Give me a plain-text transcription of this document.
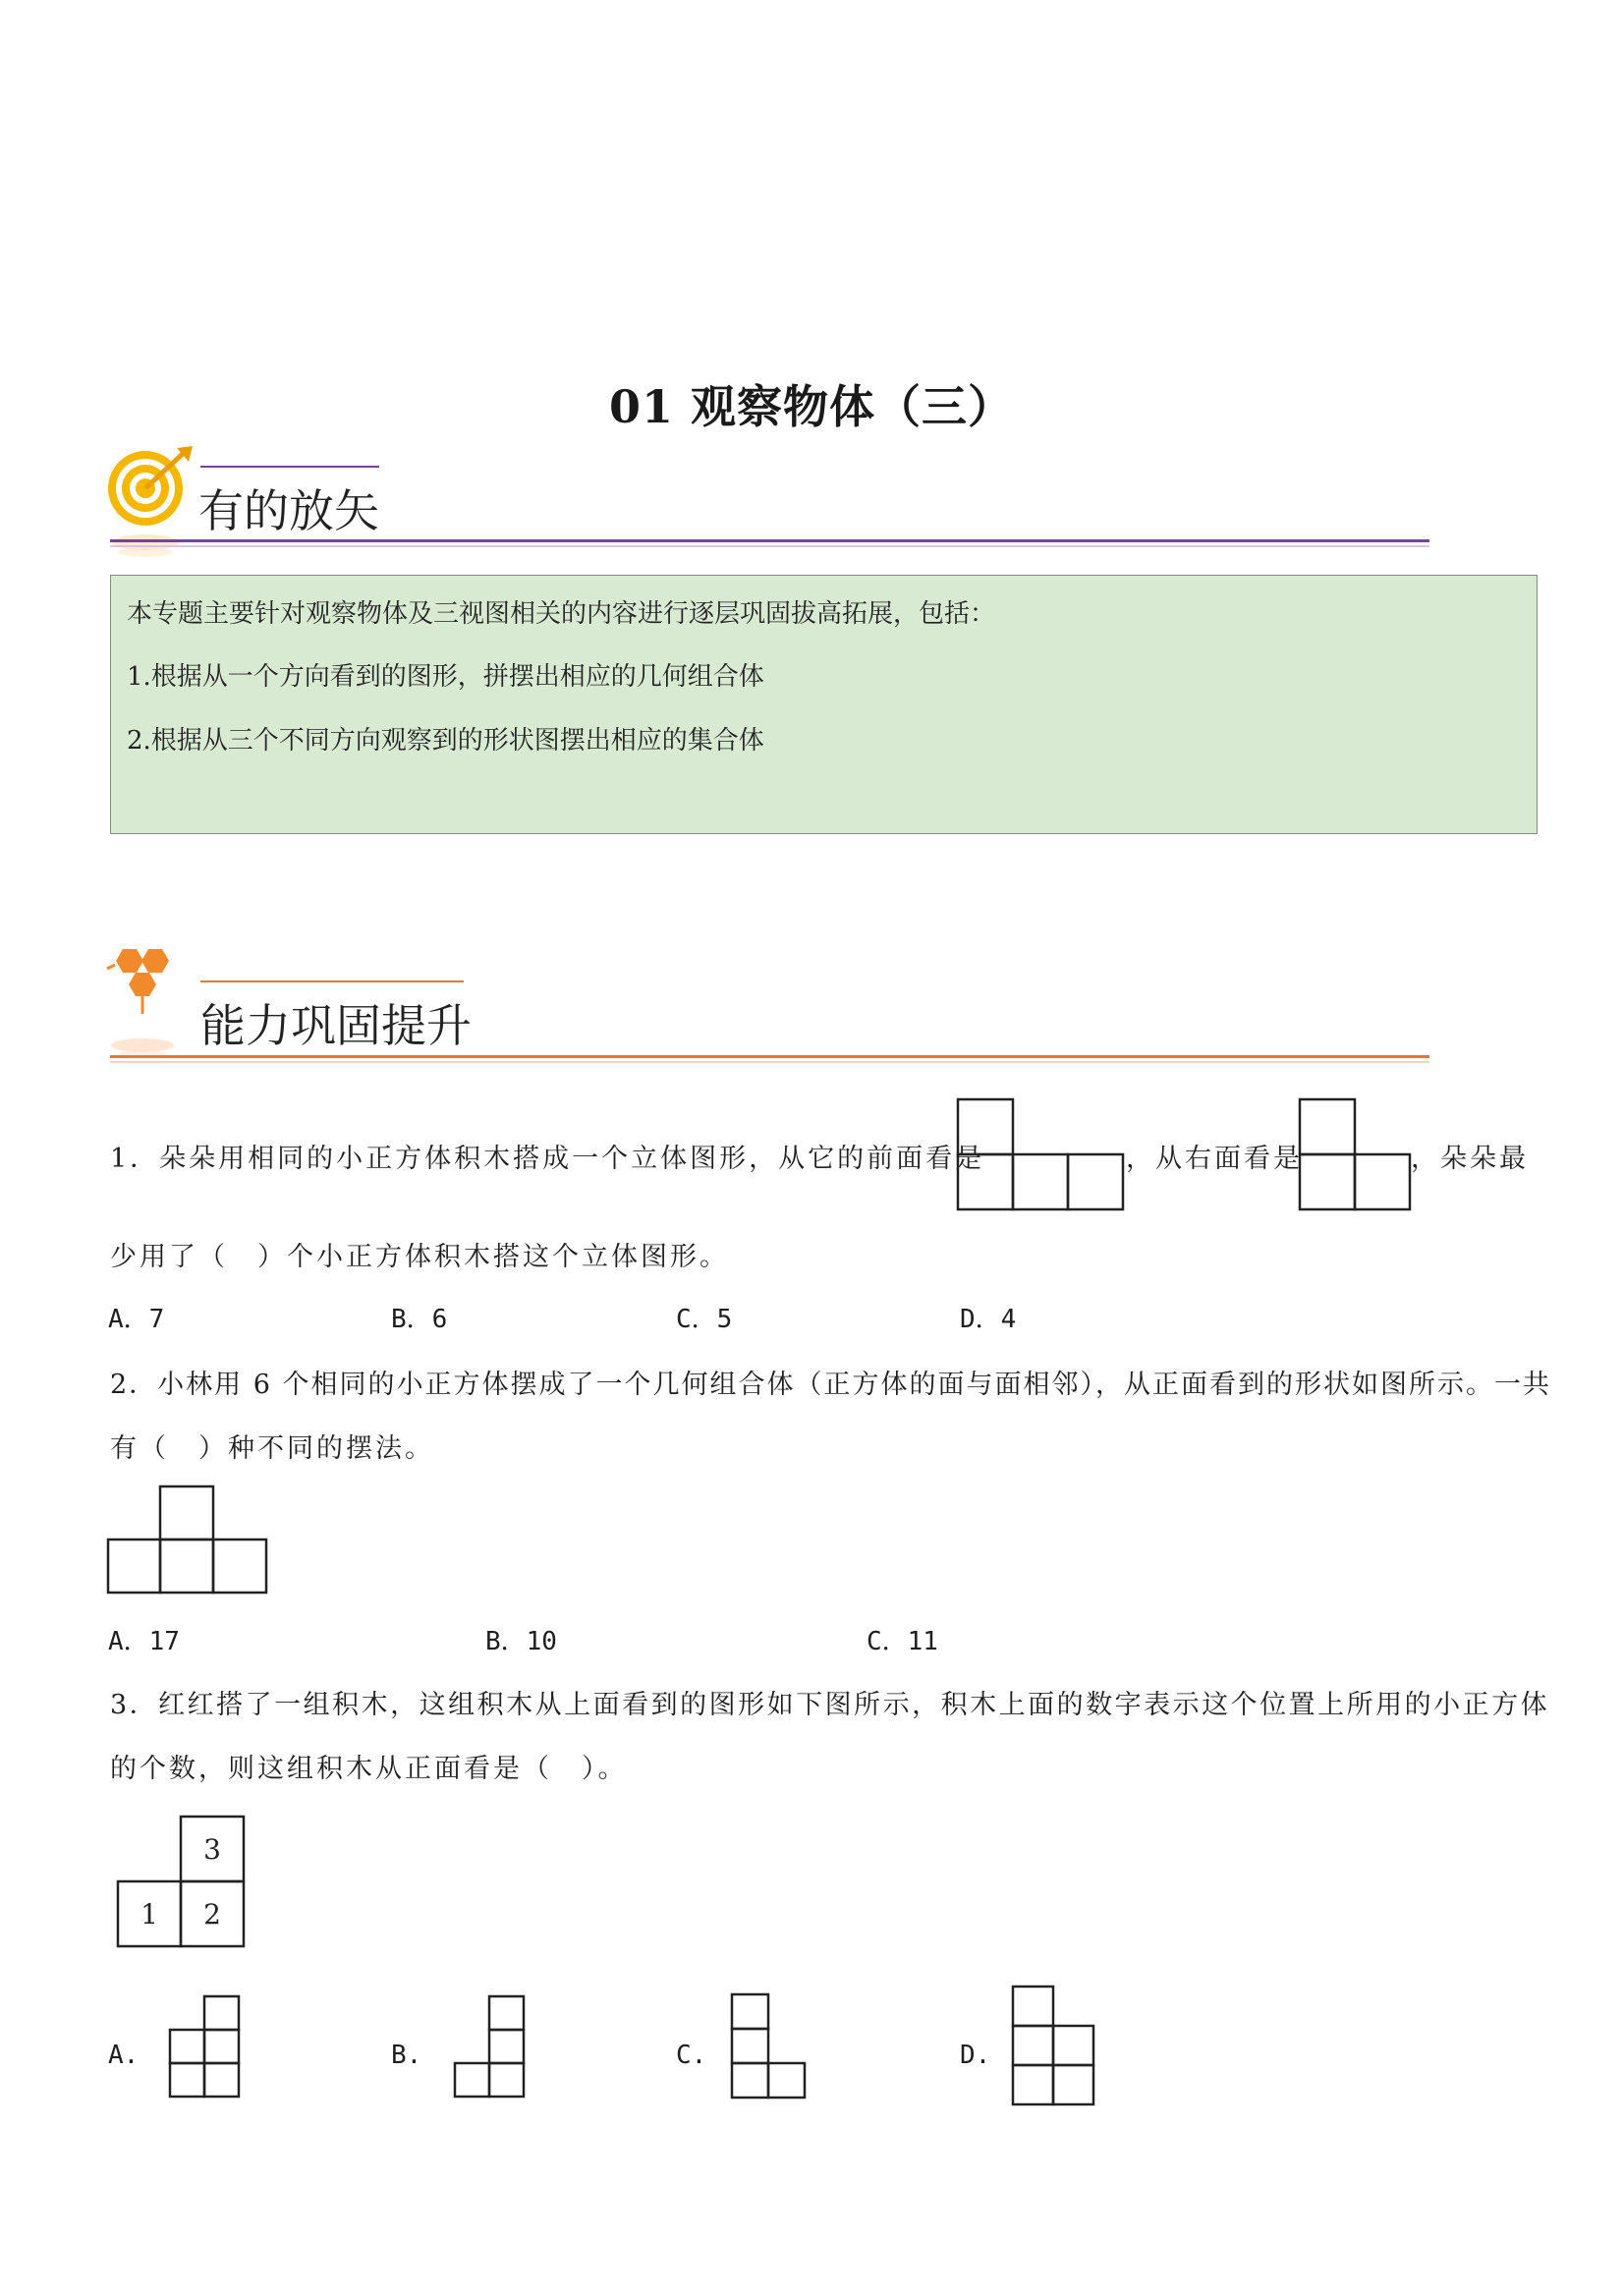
01 观察物体（三）
有的放矢
本专题主要针对观察物体及三视图相关的内容进行逐层巩固拔高拓展，包括：
1.根据从一个方向看到的图形，拼摆出相应的几何组合体
2.根据从三个不同方向观察到的形状图摆出相应的集合体
能力巩固提升
1．朵朵用相同的小正方体积木搭成一个立体图形，从它的前面看是	，从右面看是	，朵朵最
少用了（　）个小正方体积木搭这个立体图形。
A．7	B．6	C．5	D．4
2．小林用 6 个相同的小正方体摆成了一个几何组合体（正方体的面与面相邻），从正面看到的形状如图所示。一共
有（　）种不同的摆法。
A．17	B．10	C．11
3．红红搭了一组积木，这组积木从上面看到的图形如下图所示，积木上面的数字表示这个位置上所用的小正方体
的个数，则这组积木从正面看是（　）。
3
1 2
A.	B.	C.	D.
